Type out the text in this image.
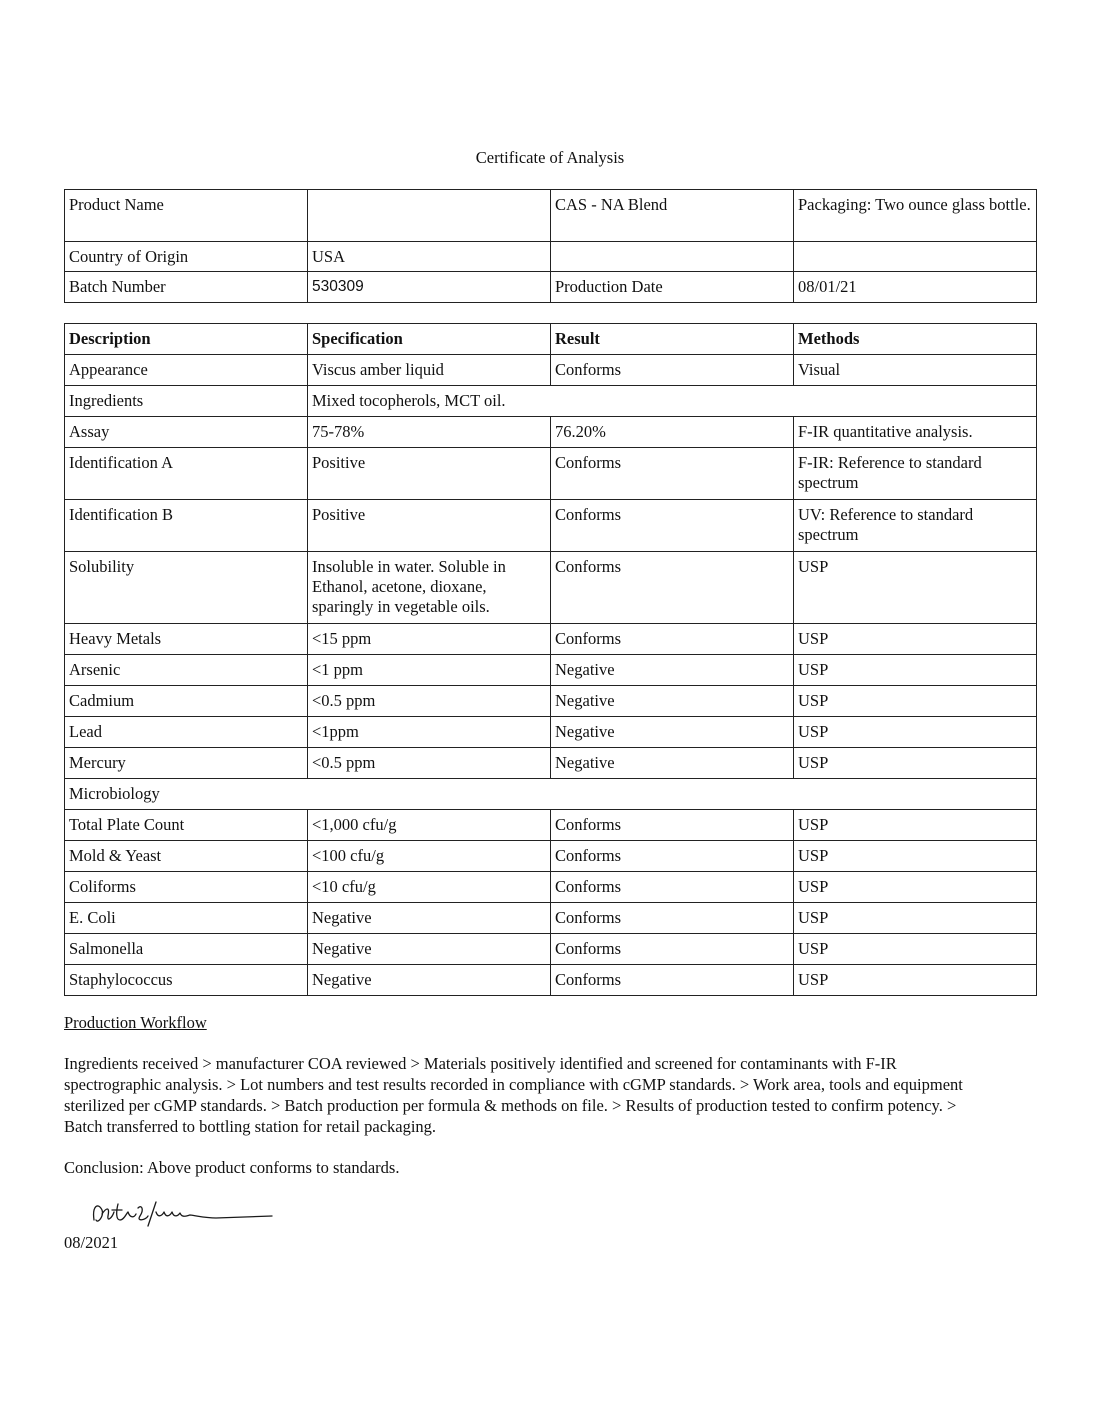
Certificate of Analysis
Product Name		CAS - NA Blend	Packaging: Two ounce glass bottle.
Country of Origin	USA		
Batch Number	530309	Production Date	08/01/21
Description	Specification	Result	Methods
Appearance	Viscus amber liquid	Conforms	Visual
Ingredients	Mixed tocopherols, MCT oil.		
Assay	75-78%	76.20%	F-IR quantitative analysis.
Identification A	Positive	Conforms	F-IR: Reference to standard spectrum
Identification B	Positive	Conforms	UV: Reference to standard spectrum
Solubility	Insoluble in water. Soluble in Ethanol, acetone, dioxane, sparingly in vegetable oils.	Conforms	USP
Heavy Metals	<15 ppm	Conforms	USP
Arsenic	<1 ppm	Negative	USP
Cadmium	<0.5 ppm	Negative	USP
Lead	<1ppm	Negative	USP
Mercury	<0.5 ppm	Negative	USP
Microbiology			
Total Plate Count	<1,000 cfu/g	Conforms	USP
Mold & Yeast	<100 cfu/g	Conforms	USP
Coliforms	<10 cfu/g	Conforms	USP
E. Coli	Negative	Conforms	USP
Salmonella	Negative	Conforms	USP
Staphylococcus	Negative	Conforms	USP
Production Workflow
Ingredients received > manufacturer COA reviewed > Materials positively identified and screened for contaminants with F-IR spectrographic analysis. > Lot numbers and test results recorded in compliance with cGMP standards. > Work area, tools and equipment sterilized per cGMP standards. > Batch production per formula & methods on file. > Results of production tested to confirm potency. > Batch transferred to bottling station for retail packaging.
Conclusion: Above product conforms to standards.
08/2021
